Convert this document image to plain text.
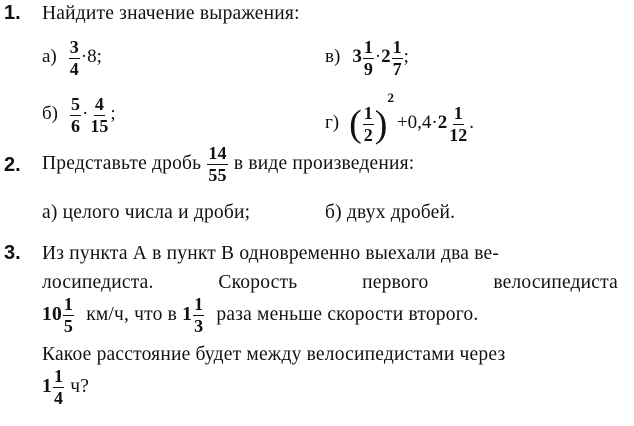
1. Найдите значение выражения:
$а) \frac{3}{4} \cdot 8$;	в) $3 \frac{1}{9} \cdot 2 \frac{1}{7}$ ;
$б) \frac{5}{6} \cdot \frac{4}{15}$ ;	г) ( $\frac{1}{2} )^2+0,4\cdot 2 \frac{1}{12}$ .
2. Представьте дробь $\frac{14}{55}$ в виде произведения:
а) целого числа и дроби;	б) двух дробей.
3. Из пункта А в пункт В одновременно выехали два ве-
лосипедиста.	Скорость	первого	велосипедиста
$10 \frac{1}{5} км/ч$, что в $1 \frac{1}{3}$ раза меньше скорости второго.
Какое расстояние будет между велосипедистами через
$1 \frac{1}{4} ч$?
